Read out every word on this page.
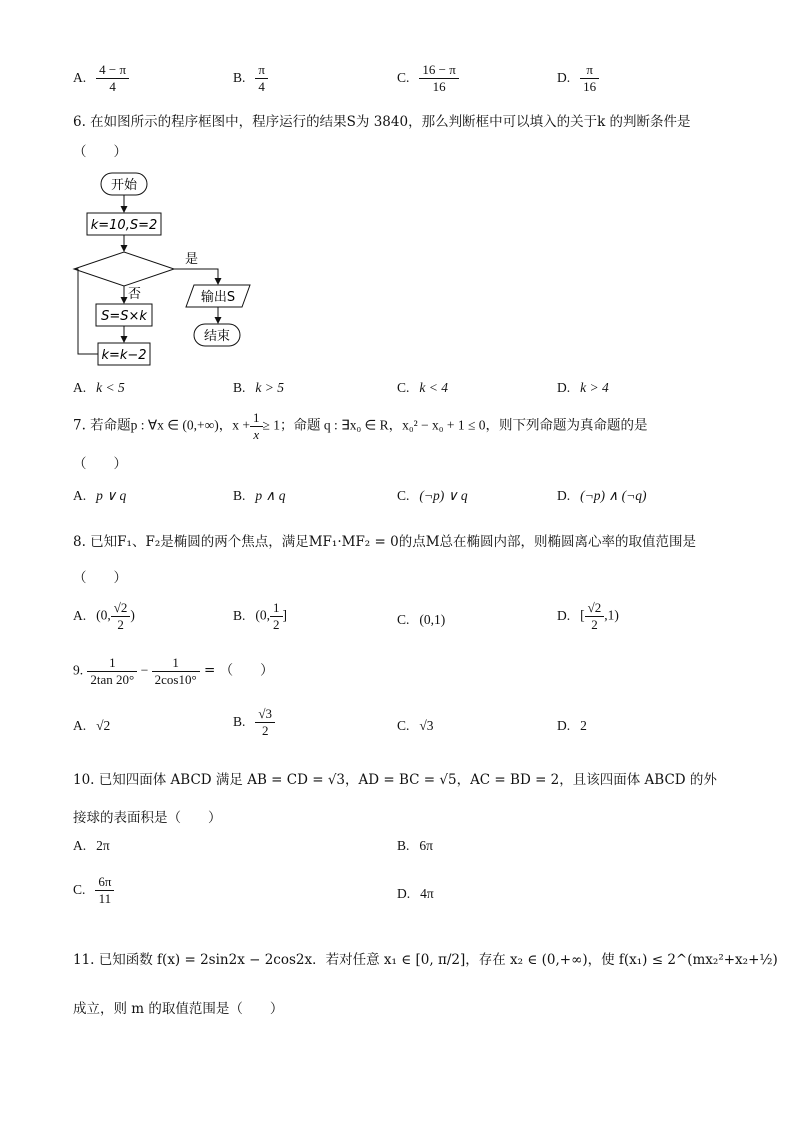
A. $\frac{4 - \pi}{4}$	B. $\frac{\pi}{4}$	C. $\frac{16 - \pi}{16}$	D. $\frac{\pi}{16}$
6. 在如图所示的程序框图中，程序运行的结果S为 3840，那么判断框中可以填入的关于k 的判断条件是
（　　）
开始
k=10,S=2
是
输出S
结束
否
S=S×k
k=k−2
A. k < 5	B. k > 5	C. k < 4	D. k > 4
7. 若命题p : ∀x ∈ (0,+∞)，$x + \frac{1}{x} \ge 1$；命题 q : ∃x₀ ∈ R，x₀² − x₀ + 1 ≤ 0，则下列命题为真命题的是
（　　）
A. p ∨ q	B. p ∧ q	C. (¬p) ∨ q	D. (¬p) ∧ (¬q)
8. 已知F₁、F₂是椭圆的两个焦点，满足MF₁·MF₂ = 0的点M总在椭圆内部，则椭圆离心率的取值范围是
（　　）
A. (0, $\frac{√2}{2}$ )	B. (0, $\frac{1}{2}$ ]	C. (0,1)	D. [ $\frac{√2}{2} ,1$)
9. $\frac{1}{2\tan 20^\circ} - \frac{1}{2\cos 10^\circ}$ = （　　）
A. √2	B. $\frac{√3}{2}$	C. √3	D. 2
10. 已知四面体 ABCD 满足 AB = CD = √3，AD = BC = √5，AC = BD = 2，且该四面体 ABCD 的外
接球的表面积是（　　）
A. 2π	B. 6π
C. $\frac{6\pi}{11}$	D. 4π
11. 已知函数 f(x) = 2sin2x − 2cos2x．若对任意 x₁ ∈ [0, π/2]，存在 x₂ ∈ (0,+∞)，使 f(x₁) ≤ 2^(mx₂²+x₂+½)
成立，则 m 的取值范围是（　　）
